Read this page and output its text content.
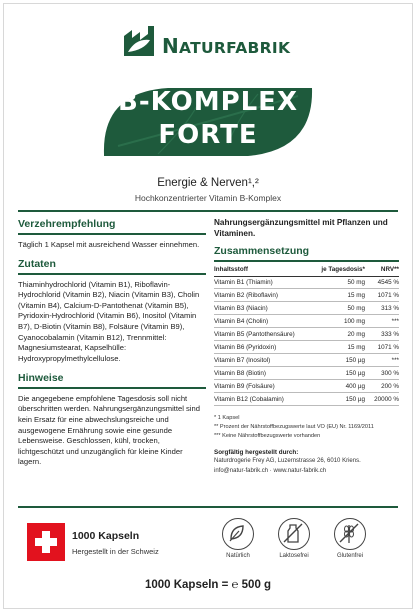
NATURFABRIK
B-KOMPLEX
FORTE
Energie & Nerven¹,²
Hochkonzentrierter Vitamin B-Komplex
Verzehrempfehlung
Täglich 1 Kapsel mit ausreichend Wasser einnehmen.
Zutaten
Thiaminhydrochlorid (Vitamin B1), Riboflavin-Hydrochlorid (Vitamin B2), Niacin (Vitamin B3), Cholin (Vitamin B4), Calcium-D-Pantothenat (Vitamin B5), Pyridoxin-Hydrochlorid (Vitamin B6), Inositol (Vitamin B7), D-Biotin (Vitamin B8), Folsäure (Vitamin B9), Cyanocobalamin (Vitamin B12), Trennmittel: Magnesiumstearat, Kapselhülle: Hydroxypropylmethylcellulose.
Hinweise
Die angegebene empfohlene Tagesdosis soll nicht überschritten werden. Nahrungsergänzungsmittel sind kein Ersatz für eine abwechslungsreiche und ausgewogene Ernährung sowie eine gesunde Lebensweise. Geschlossen, kühl, trocken, lichtgeschützt und unzugänglich für kleine Kinder lagern.
Nahrungsergänzungsmittel mit Pflanzen und Vitaminen.
Zusammensetzung
Inhaltsstoff	je Tagesdosis*	NRV**
Vitamin B1 (Thiamin)	50 mg	4545 %
Vitamin B2 (Riboflavin)	15 mg	1071 %
Vitamin B3 (Niacin)	50 mg	313 %
Vitamin B4 (Cholin)	100 mg	***
Vitamin B5 (Pantothensäure)	20 mg	333 %
Vitamin B6 (Pyridoxin)	15 mg	1071 %
Vitamin B7 (Inositol)	150 µg	***
Vitamin B8 (Biotin)	150 µg	300 %
Vitamin B9 (Folsäure)	400 µg	200 %
Vitamin B12 (Cobalamin)	150 µg	20000 %
* 1 Kapsel
** Prozent der Nährstoffbezugswerte laut VO (EU) Nr. 1169/2011
*** Keine Nährstoffbezugswerte vorhanden
Sorgfältig hergestellt durch:
Naturdrogerie Frey AG, Luzernstrasse 26, 6010 Kriens.
info@natur-fabrik.ch · www.natur-fabrik.ch
1000 Kapseln
Hergestellt in der Schweiz	Natürlich	Laktosefrei	Glutenfrei
1000 Kapseln = ℮ 500 g
